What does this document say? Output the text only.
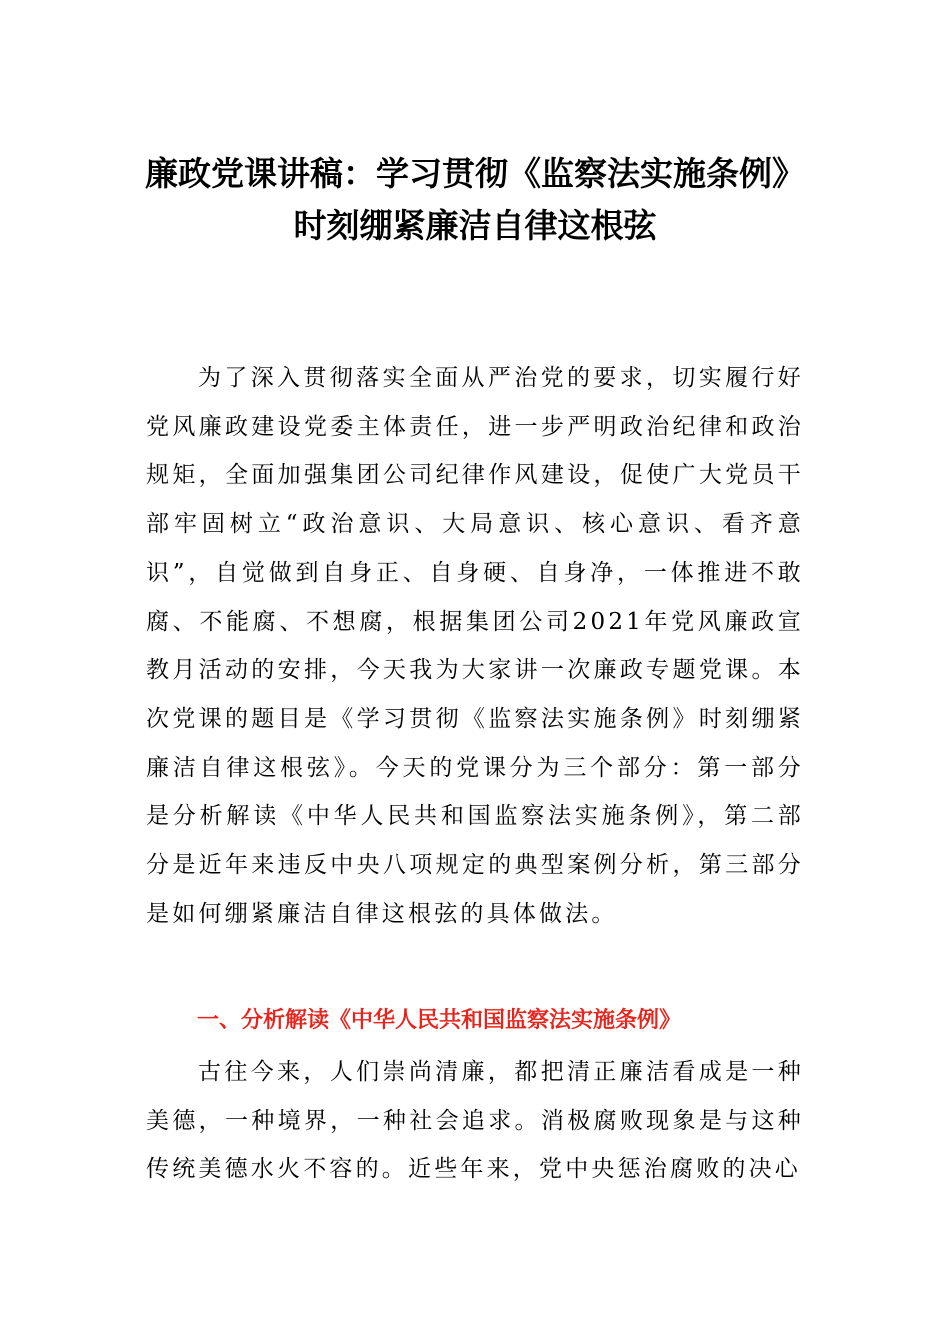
廉政党课讲稿：学习贯彻《监察法实施条例》时刻绷紧廉洁自律这根弦

为了深入贯彻落实全面从严治党的要求，切实履行好党风廉政建设党委主体责任，进一步严明政治纪律和政治规矩，全面加强集团公司纪律作风建设，促使广大党员干部牢固树立“政治意识、大局意识、核心意识、看齐意识”，自觉做到自身正、自身硬、自身净，一体推进不敢腐、不能腐、不想腐，根据集团公司2021年党风廉政宣教月活动的安排，今天我为大家讲一次廉政专题党课。本次党课的题目是《学习贯彻《监察法实施条例》时刻绷紧廉洁自律这根弦》。今天的党课分为三个部分：第一部分是分析解读《中华人民共和国监察法实施条例》，第二部分是近年来违反中央八项规定的典型案例分析，第三部分是如何绷紧廉洁自律这根弦的具体做法。

一、分析解读《中华人民共和国监察法实施条例》

古往今来，人们崇尚清廉，都把清正廉洁看成是一种美德，一种境界，一种社会追求。消极腐败现象是与这种传统美德水火不容的。近些年来，党中央惩治腐败的决心
